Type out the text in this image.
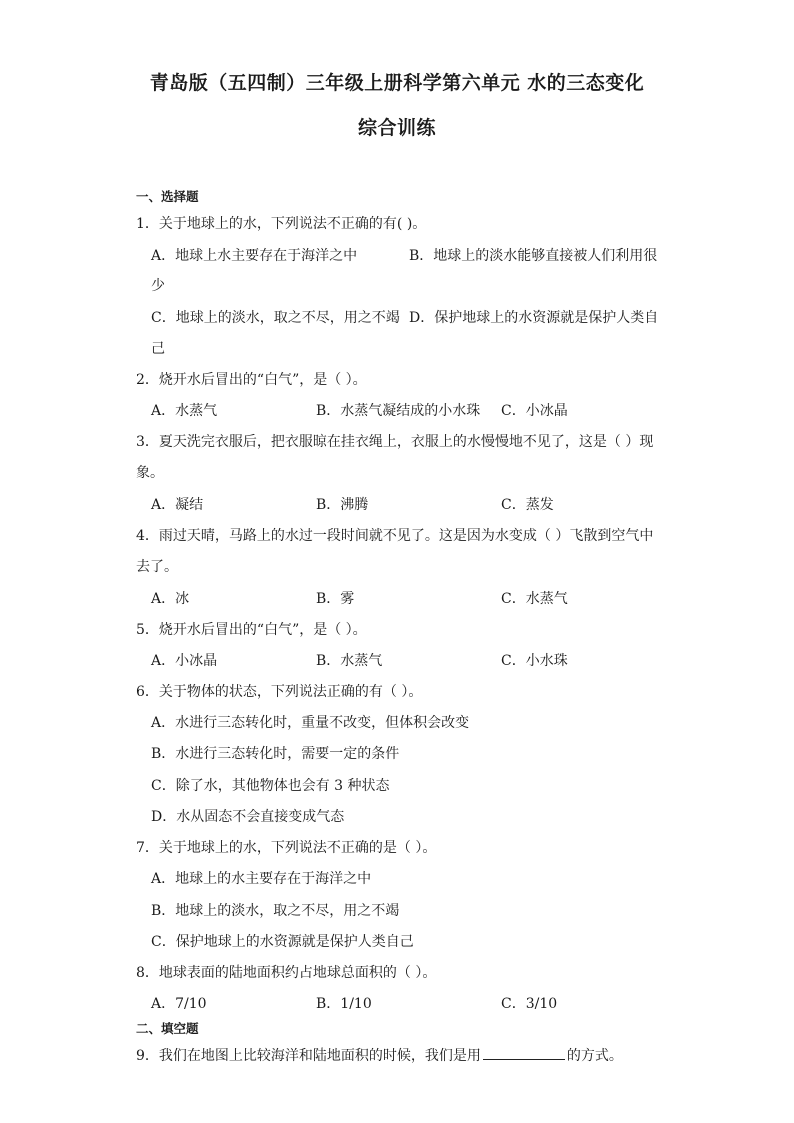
青岛版（五四制）三年级上册科学第六单元 水的三态变化
综合训练
一、选择题
1．关于地球上的水，下列说法不正确的有( )。
A．地球上水主要存在于海洋之中	B．地球上的淡水能够直接被人们利用很
少
C．地球上的淡水，取之不尽，用之不竭 D．保护地球上的水资源就是保护人类自
己
2．烧开水后冒出的“白气”，是（ ）。
A．水蒸气	B．水蒸气凝结成的小水珠 C．小冰晶
3．夏天洗完衣服后，把衣服晾在挂衣绳上，衣服上的水慢慢地不见了，这是（ ）现
象。
A．凝结	B．沸腾	C．蒸发
4．雨过天晴，马路上的水过一段时间就不见了。这是因为水变成（ ）飞散到空气中
去了。
A．冰	B．雾	C．水蒸气
5．烧开水后冒出的“白气”，是（ ）。
A．小冰晶	B．水蒸气	C．小水珠
6．关于物体的状态，下列说法正确的有（ ）。
A．水进行三态转化时，重量不改变，但体积会改变
B．水进行三态转化时，需要一定的条件
C．除了水，其他物体也会有 3 种状态
D．水从固态不会直接变成气态
7．关于地球上的水，下列说法不正确的是（ ）。
A．地球上的水主要存在于海洋之中
B．地球上的淡水，取之不尽，用之不竭
C．保护地球上的水资源就是保护人类自己
8．地球表面的陆地面积约占地球总面积的（ ）。
A．7/10	B．1/10	C．3/10
二、填空题
9．我们在地图上比较海洋和陆地面积的时候，我们是用	的方式。
